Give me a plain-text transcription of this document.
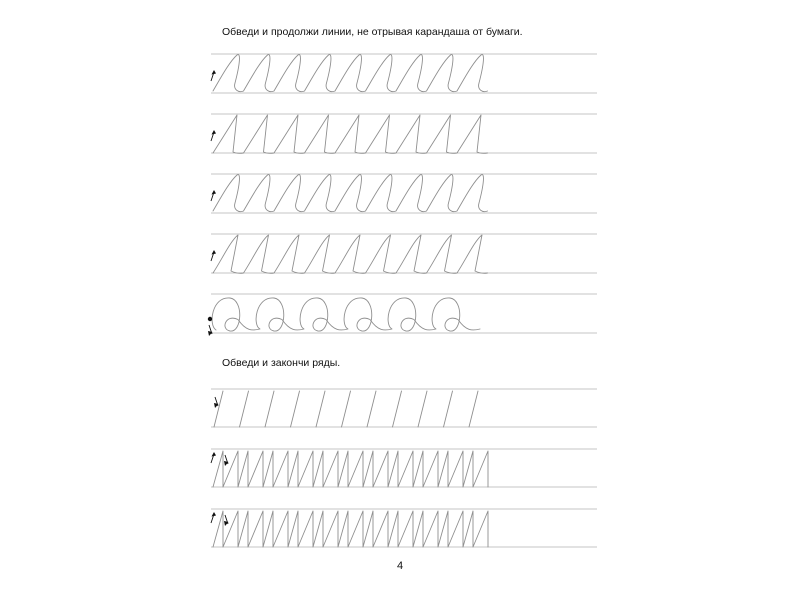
Обведи и продолжи линии, не отрывая карандаша от бумаги.
Обведи и закончи ряды.
4
